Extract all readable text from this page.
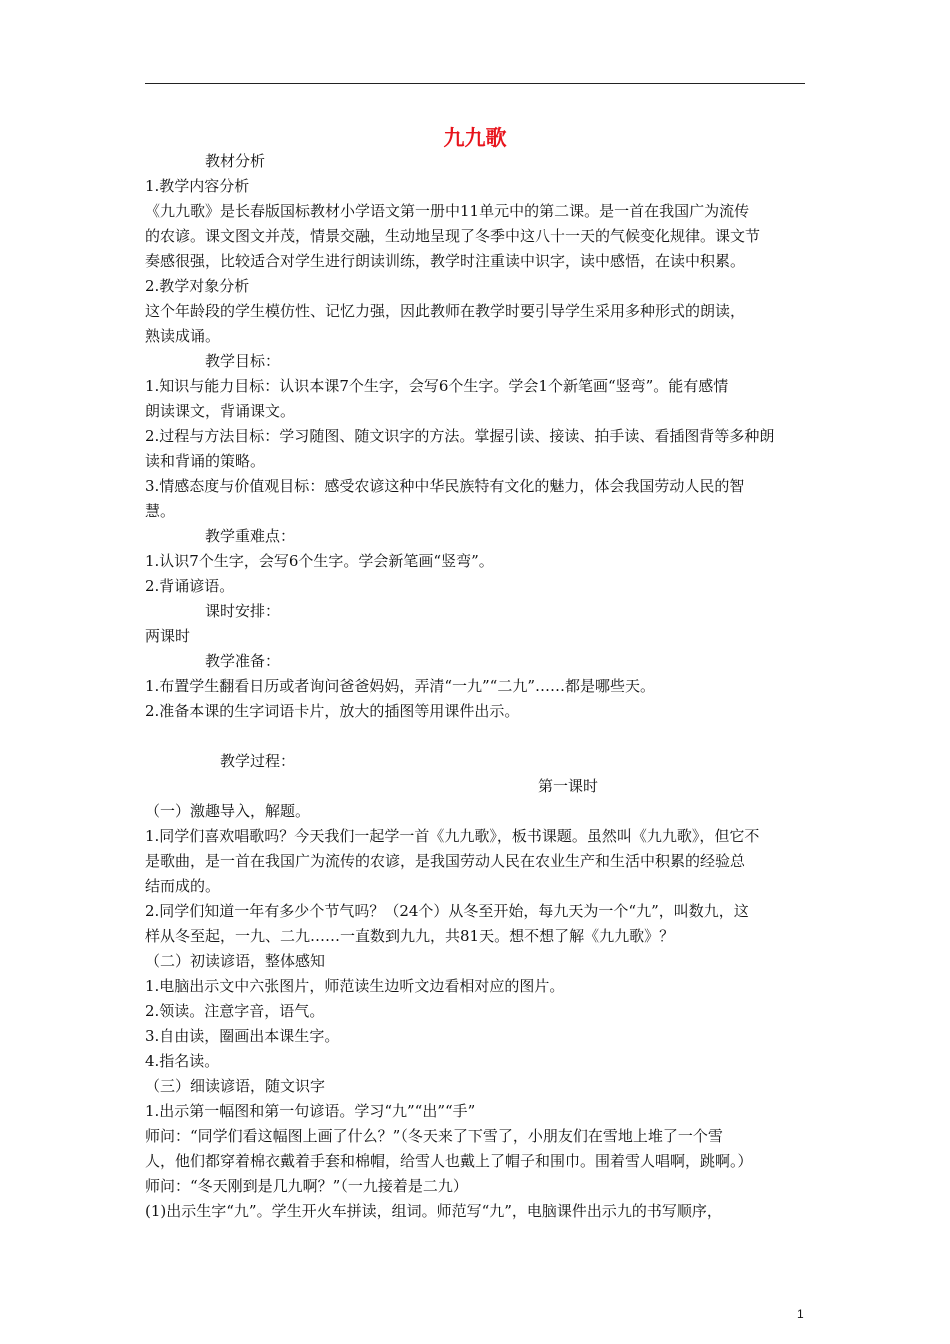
九九歌
教材分析
1.教学内容分析
《九九歌》是长春版国标教材小学语文第一册中11单元中的第二课。是一首在我国广为流传
的农谚。课文图文并茂，情景交融，生动地呈现了冬季中这八十一天的气候变化规律。课文节
奏感很强，比较适合对学生进行朗读训练，教学时注重读中识字，读中感悟，在读中积累。
2.教学对象分析
这个年龄段的学生模仿性、记忆力强，因此教师在教学时要引导学生采用多种形式的朗读，
熟读成诵。
教学目标：
1.知识与能力目标：认识本课7个生字，会写6个生字。学会1个新笔画“竖弯”。能有感情
朗读课文，背诵课文。
2.过程与方法目标：学习随图、随文识字的方法。掌握引读、接读、拍手读、看插图背等多种朗
读和背诵的策略。
3.情感态度与价值观目标：感受农谚这种中华民族特有文化的魅力，体会我国劳动人民的智
慧。
教学重难点：
1.认识7个生字，会写6个生字。学会新笔画“竖弯”。
2.背诵谚语。
课时安排：
两课时
教学准备：
1.布置学生翻看日历或者询问爸爸妈妈，弄清“一九”“二九”……都是哪些天。
2.准备本课的生字词语卡片，放大的插图等用课件出示。
教学过程：
第一课时
（一）激趣导入，解题。
1.同学们喜欢唱歌吗？今天我们一起学一首《九九歌》，板书课题。虽然叫《九九歌》，但它不
是歌曲，是一首在我国广为流传的农谚，是我国劳动人民在农业生产和生活中积累的经验总
结而成的。
2.同学们知道一年有多少个节气吗？（24个）从冬至开始，每九天为一个“九”，叫数九，这
样从冬至起，一九、二九……一直数到九九，共81天。想不想了解《九九歌》？
（二）初读谚语，整体感知
1.电脑出示文中六张图片，师范读生边听文边看相对应的图片。
2.领读。注意字音，语气。
3.自由读，圈画出本课生字。
4.指名读。
（三）细读谚语，随文识字
1.出示第一幅图和第一句谚语。学习“九”“出”“手”
师问：“同学们看这幅图上画了什么？”（冬天来了下雪了，小朋友们在雪地上堆了一个雪
人，他们都穿着棉衣戴着手套和棉帽，给雪人也戴上了帽子和围巾。围着雪人唱啊，跳啊。）
师问：“冬天刚到是几九啊？”（一九接着是二九）
(1)出示生字“九”。学生开火车拼读，组词。师范写“九”，电脑课件出示九的书写顺序，
1
